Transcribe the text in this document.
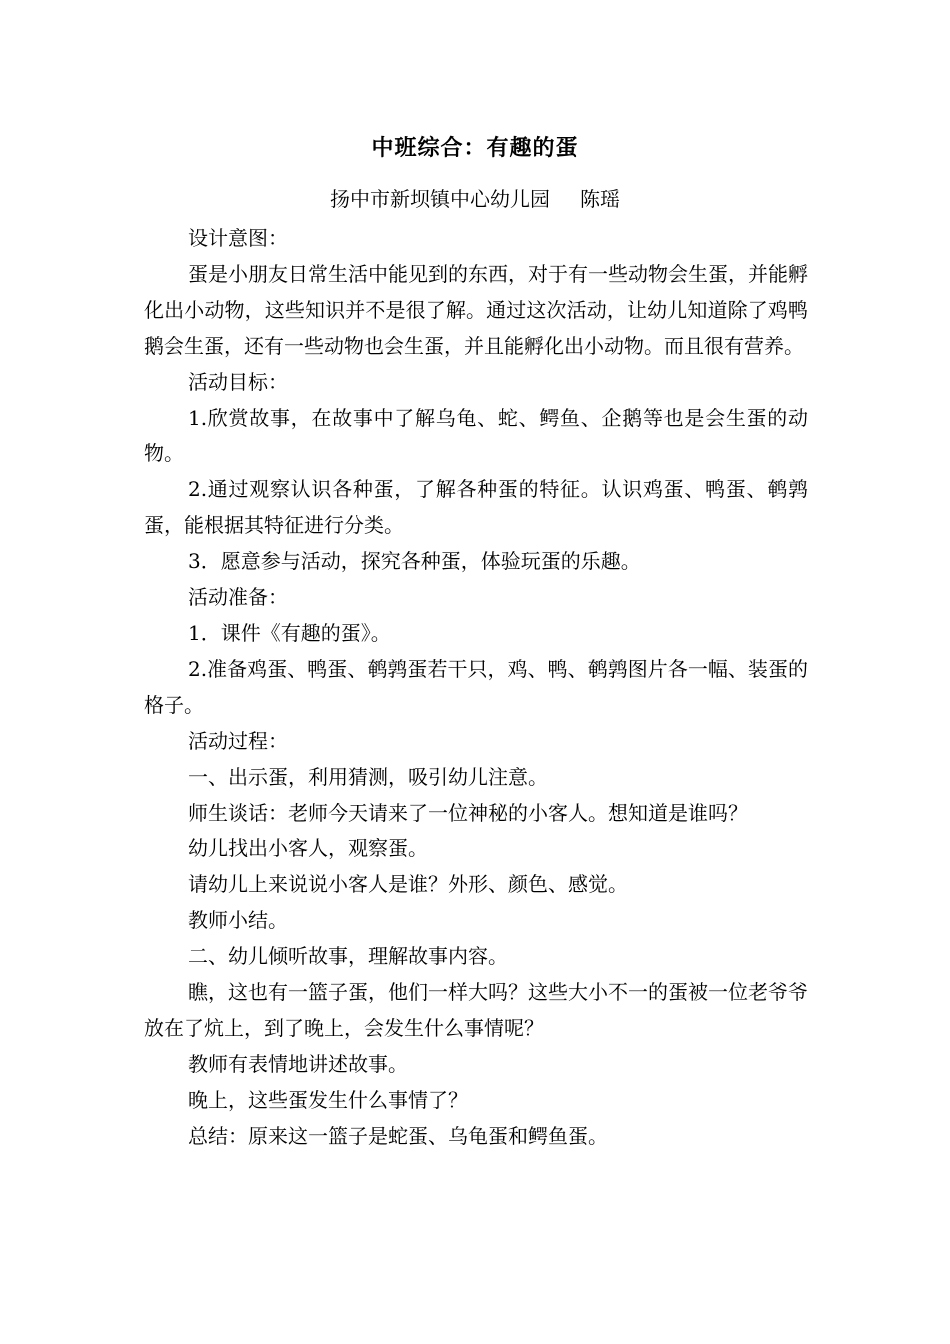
中班综合：有趣的蛋
扬中市新坝镇中心幼儿园 陈瑶

设计意图：

蛋是小朋友日常生活中能见到的东西，对于有一些动物会生蛋，并能孵化出小动物，这些知识并不是很了解。通过这次活动，让幼儿知道除了鸡鸭鹅会生蛋，还有一些动物也会生蛋，并且能孵化出小动物。而且很有营养。

活动目标：

1.欣赏故事，在故事中了解乌龟、蛇、鳄鱼、企鹅等也是会生蛋的动物。

2.通过观察认识各种蛋，了解各种蛋的特征。认识鸡蛋、鸭蛋、鹌鹑蛋，能根据其特征进行分类。

3．愿意参与活动，探究各种蛋，体验玩蛋的乐趣。

活动准备：

1．课件《有趣的蛋》。

2.准备鸡蛋、鸭蛋、鹌鹑蛋若干只，鸡、鸭、鹌鹑图片各一幅、装蛋的格子。

活动过程：

一、出示蛋，利用猜测，吸引幼儿注意。

师生谈话：老师今天请来了一位神秘的小客人。想知道是谁吗？

幼儿找出小客人，观察蛋。

请幼儿上来说说小客人是谁？外形、颜色、感觉。

教师小结。

二、幼儿倾听故事，理解故事内容。

瞧，这也有一篮子蛋，他们一样大吗？这些大小不一的蛋被一位老爷爷放在了炕上，到了晚上，会发生什么事情呢？

教师有表情地讲述故事。

晚上，这些蛋发生什么事情了？

总结：原来这一篮子是蛇蛋、乌龟蛋和鳄鱼蛋。
